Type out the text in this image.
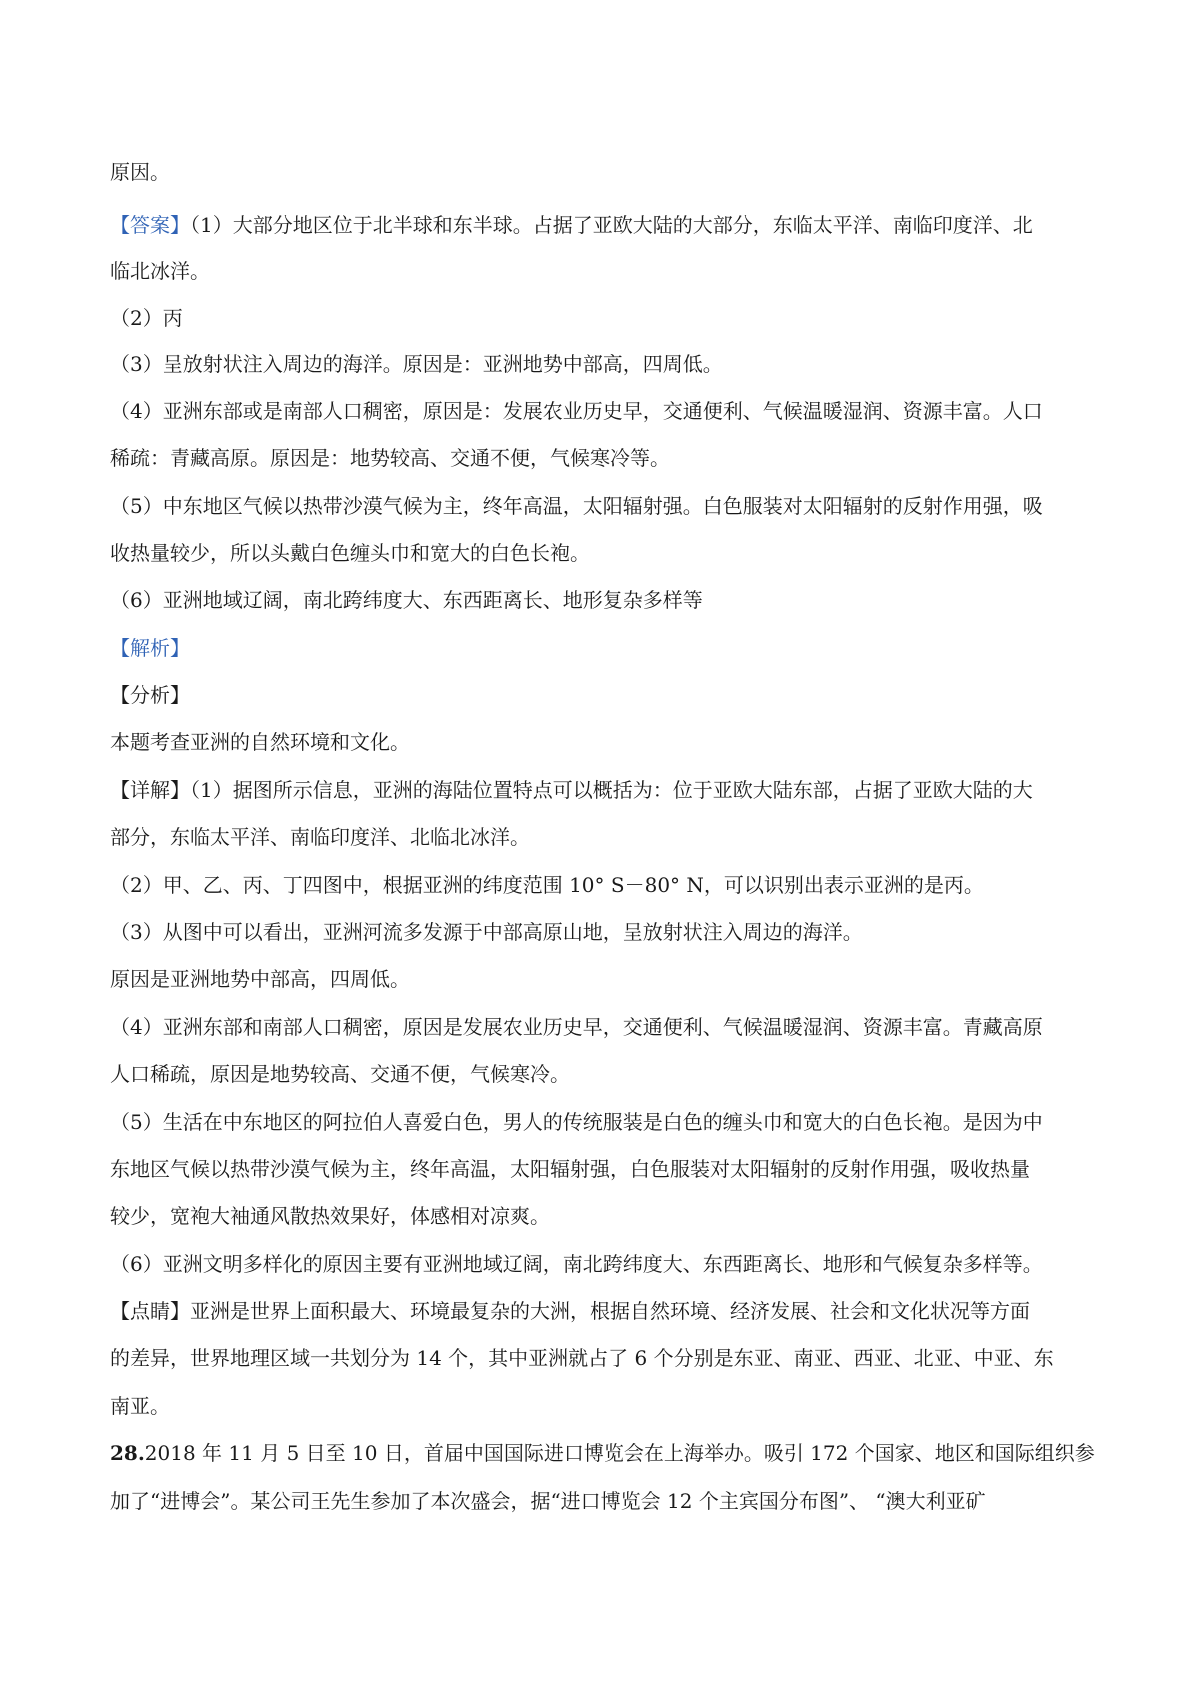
原因。
【答案】（1）大部分地区位于北半球和东半球。占据了亚欧大陆的大部分，东临太平洋、南临印度洋、北
临北冰洋。
（2）丙
（3）呈放射状注入周边的海洋。原因是：亚洲地势中部高，四周低。
（4）亚洲东部或是南部人口稠密，原因是：发展农业历史早，交通便利、气候温暖湿润、资源丰富。人口
稀疏：青藏高原。原因是：地势较高、交通不便，气候寒冷等。
（5）中东地区气候以热带沙漠气候为主，终年高温，太阳辐射强。白色服装对太阳辐射的反射作用强，吸
收热量较少，所以头戴白色缠头巾和宽大的白色长袍。
（6）亚洲地域辽阔，南北跨纬度大、东西距离长、地形复杂多样等
【解析】
【分析】
本题考查亚洲的自然环境和文化。
【详解】（1）据图所示信息，亚洲的海陆位置特点可以概括为：位于亚欧大陆东部，占据了亚欧大陆的大
部分，东临太平洋、南临印度洋、北临北冰洋。
（2）甲、乙、丙、丁四图中，根据亚洲的纬度范围 10° S－80° N，可以识别出表示亚洲的是丙。
（3）从图中可以看出，亚洲河流多发源于中部高原山地，呈放射状注入周边的海洋。
原因是亚洲地势中部高，四周低。
（4）亚洲东部和南部人口稠密，原因是发展农业历史早，交通便利、气候温暖湿润、资源丰富。青藏高原
人口稀疏，原因是地势较高、交通不便，气候寒冷。
（5）生活在中东地区的阿拉伯人喜爱白色，男人的传统服装是白色的缠头巾和宽大的白色长袍。是因为中
东地区气候以热带沙漠气候为主，终年高温，太阳辐射强，白色服装对太阳辐射的反射作用强，吸收热量
较少，宽袍大袖通风散热效果好，体感相对凉爽。
（6）亚洲文明多样化的原因主要有亚洲地域辽阔，南北跨纬度大、东西距离长、地形和气候复杂多样等。
【点睛】亚洲是世界上面积最大、环境最复杂的大洲，根据自然环境、经济发展、社会和文化状况等方面
的差异，世界地理区域一共划分为 14 个，其中亚洲就占了 6 个分别是东亚、南亚、西亚、北亚、中亚、东
南亚。
28.2018 年 11 月 5 日至 10 日，首届中国国际进口博览会在上海举办。吸引 172 个国家、地区和国际组织参
加了“进博会”。某公司王先生参加了本次盛会，据“进口博览会 12 个主宾国分布图”、 “澳大利亚矿
